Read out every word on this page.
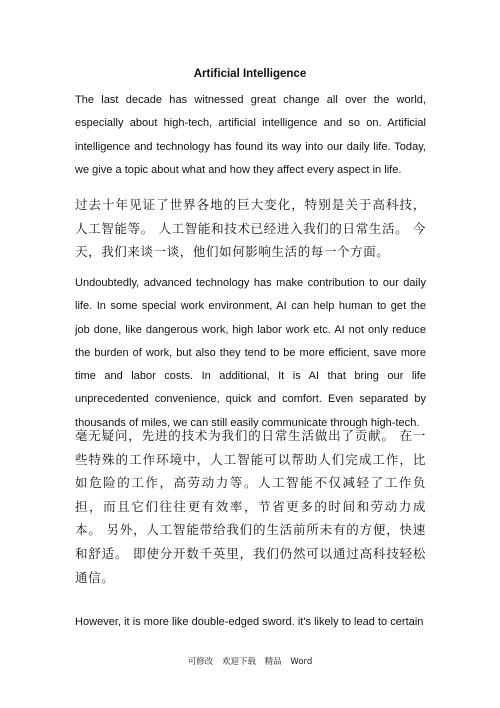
Artificial Intelligence

The last decade has witnessed great change all over the world, especially about high-tech, artificial intelligence and so on. Artificial intelligence and technology has found its way into our daily life. Today, we give a topic about what and how they affect every aspect in life.

过去十年见证了世界各地的巨大变化，特别是关于高科技，人工智能等。 人工智能和技术已经进入我们的日常生活。 今天，我们来谈一谈，他们如何影响生活的每一个方面。

Undoubtedly, advanced technology has make contribution to our daily life. In some special work environment, AI can help human to get the job done, like dangerous work, high labor work etc. AI not only reduce the burden of work, but also they tend to be more efficient, save more time and labor costs. In additional, It is AI that bring our life unprecedented convenience, quick and comfort. Even separated by thousands of miles, we can still easily communicate through high-tech.

毫无疑问，先进的技术为我们的日常生活做出了贡献。 在一些特殊的工作环境中，人工智能可以帮助人们完成工作，比如危险的工作，高劳动力等。人工智能不仅减轻了工作负担，而且它们往往更有效率，节省更多的时间和劳动力成本。 另外，人工智能带给我们的生活前所未有的方便，快速和舒适。 即使分开数千英里，我们仍然可以通过高科技轻松通信。

However, it is more like double-edged sword. it's likely to lead to certain

可修改 欢迎下载 精品 Word
